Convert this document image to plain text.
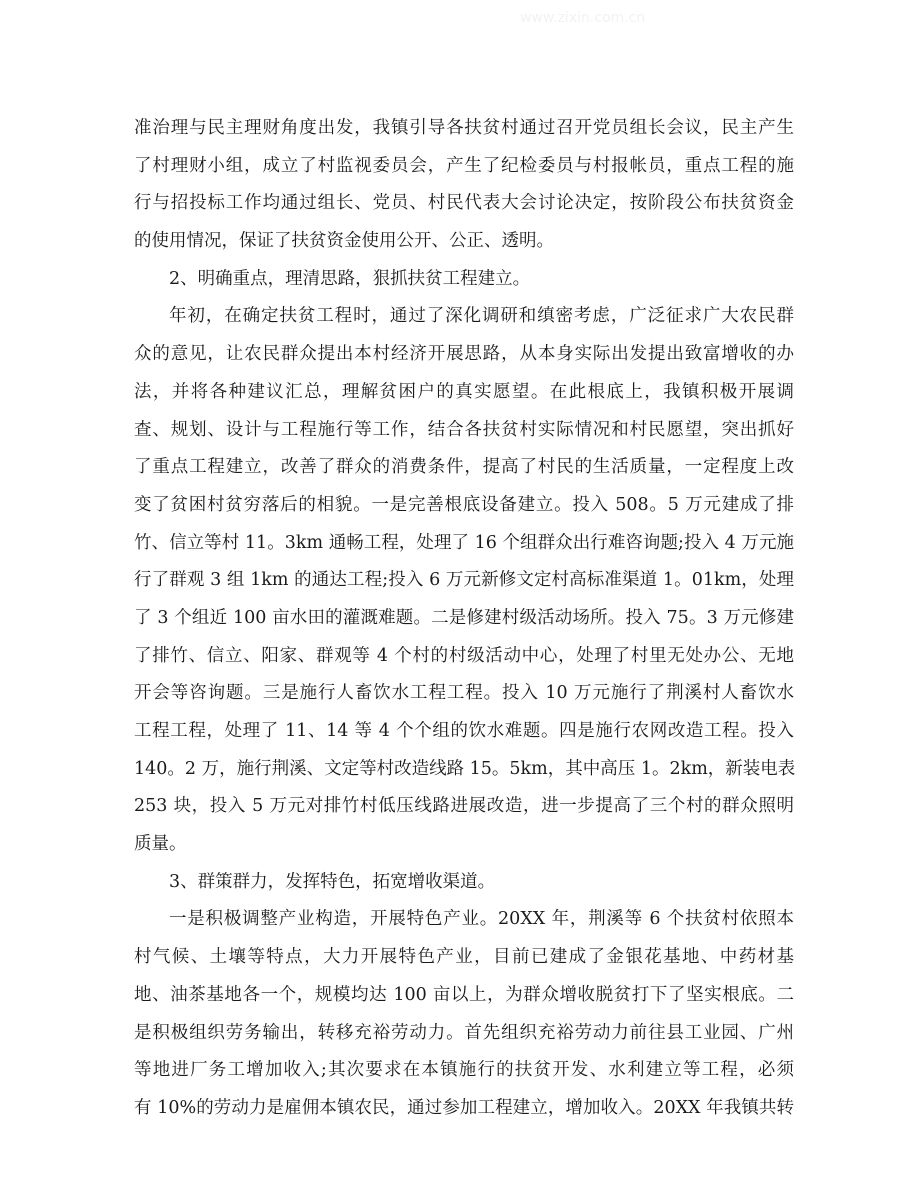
www.zixin.com.cn
准治理与民主理财角度出发，我镇引导各扶贫村通过召开党员组长会议，民主产生
了村理财小组，成立了村监视委员会，产生了纪检委员与村报帐员，重点工程的施
行与招投标工作均通过组长、党员、村民代表大会讨论决定，按阶段公布扶贫资金
的使用情况，保证了扶贫资金使用公开、公正、透明。
2、明确重点，理清思路，狠抓扶贫工程建立。
年初，在确定扶贫工程时，通过了深化调研和缜密考虑，广泛征求广大农民群
众的意见，让农民群众提出本村经济开展思路，从本身实际出发提出致富增收的办
法，并将各种建议汇总，理解贫困户的真实愿望。在此根底上，我镇积极开展调
查、规划、设计与工程施行等工作，结合各扶贫村实际情况和村民愿望，突出抓好
了重点工程建立，改善了群众的消费条件，提高了村民的生活质量，一定程度上改
变了贫困村贫穷落后的相貌。一是完善根底设备建立。投入 508。5 万元建成了排
竹、信立等村 11。3km 通畅工程，处理了 16 个组群众出行难咨询题;投入 4 万元施
行了群观 3 组 1km 的通达工程;投入 6 万元新修文定村高标准渠道 1。01km，处理
了 3 个组近 100 亩水田的灌溉难题。二是修建村级活动场所。投入 75。3 万元修建
了排竹、信立、阳家、群观等 4 个村的村级活动中心，处理了村里无处办公、无地
开会等咨询题。三是施行人畜饮水工程工程。投入 10 万元施行了荆溪村人畜饮水
工程工程，处理了 11、14 等 4 个个组的饮水难题。四是施行农网改造工程。投入
140。2 万，施行荆溪、文定等村改造线路 15。5km，其中高压 1。2km，新装电表
253 块，投入 5 万元对排竹村低压线路进展改造，进一步提高了三个村的群众照明
质量。
3、群策群力，发挥特色，拓宽增收渠道。
一是积极调整产业构造，开展特色产业。20XX 年，荆溪等 6 个扶贫村依照本
村气候、土壤等特点，大力开展特色产业，目前已建成了金银花基地、中药材基
地、油茶基地各一个，规模均达 100 亩以上，为群众增收脱贫打下了坚实根底。二
是积极组织劳务输出，转移充裕劳动力。首先组织充裕劳动力前往县工业园、广州
等地进厂务工增加收入;其次要求在本镇施行的扶贫开发、水利建立等工程，必须
有 10%的劳动力是雇佣本镇农民，通过参加工程建立，增加收入。20XX 年我镇共转
